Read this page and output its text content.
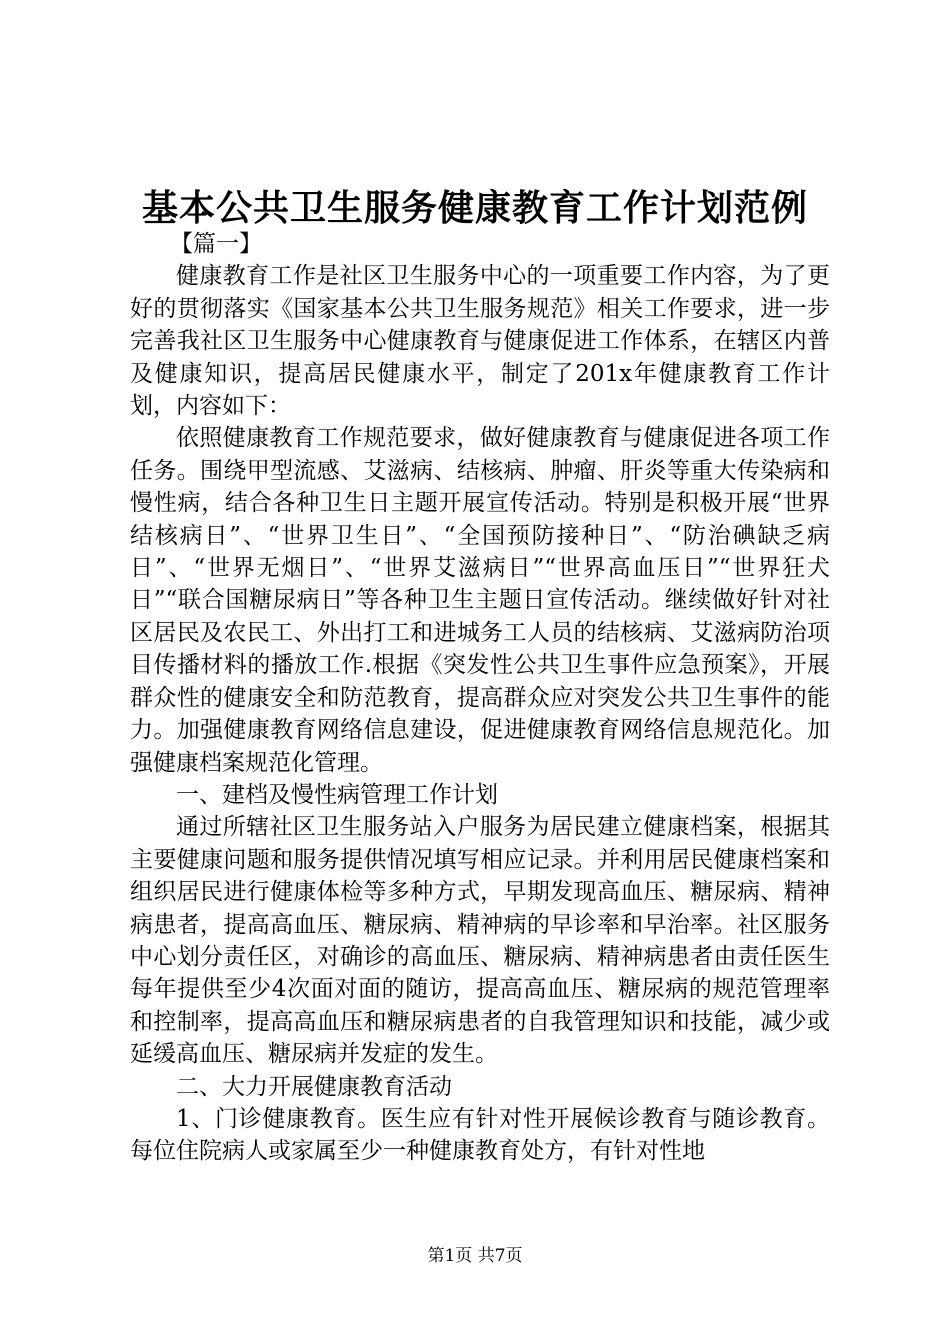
基本公共卫生服务健康教育工作计划范例

【篇一】

健康教育工作是社区卫生服务中心的一项重要工作内容，为了更好的贯彻落实《国家基本公共卫生服务规范》相关工作要求，进一步完善我社区卫生服务中心健康教育与健康促进工作体系，在辖区内普及健康知识，提高居民健康水平，制定了201x年健康教育工作计划，内容如下：

依照健康教育工作规范要求，做好健康教育与健康促进各项工作任务。围绕甲型流感、艾滋病、结核病、肿瘤、肝炎等重大传染病和慢性病，结合各种卫生日主题开展宣传活动。特别是积极开展“世界结核病日”、“世界卫生日”、“全国预防接种日”、“防治碘缺乏病日”、“世界无烟日”、“世界艾滋病日”“世界高血压日”“世界狂犬日”“联合国糖尿病日”等各种卫生主题日宣传活动。继续做好针对社区居民及农民工、外出打工和进城务工人员的结核病、艾滋病防治项目传播材料的播放工作.根据《突发性公共卫生事件应急预案》，开展群众性的健康安全和防范教育，提高群众应对突发公共卫生事件的能力。加强健康教育网络信息建设，促进健康教育网络信息规范化。加强健康档案规范化管理。

一、建档及慢性病管理工作计划

通过所辖社区卫生服务站入户服务为居民建立健康档案，根据其主要健康问题和服务提供情况填写相应记录。并利用居民健康档案和组织居民进行健康体检等多种方式，早期发现高血压、糖尿病、精神病患者，提高高血压、糖尿病、精神病的早诊率和早治率。社区服务中心划分责任区，对确诊的高血压、糖尿病、精神病患者由责任医生每年提供至少4次面对面的随访，提高高血压、糖尿病的规范管理率和控制率，提高高血压和糖尿病患者的自我管理知识和技能，减少或延缓高血压、糖尿病并发症的发生。

二、大力开展健康教育活动

1、门诊健康教育。医生应有针对性开展候诊教育与随诊教育。每位住院病人或家属至少一种健康教育处方，有针对性地

第1页 共7页
